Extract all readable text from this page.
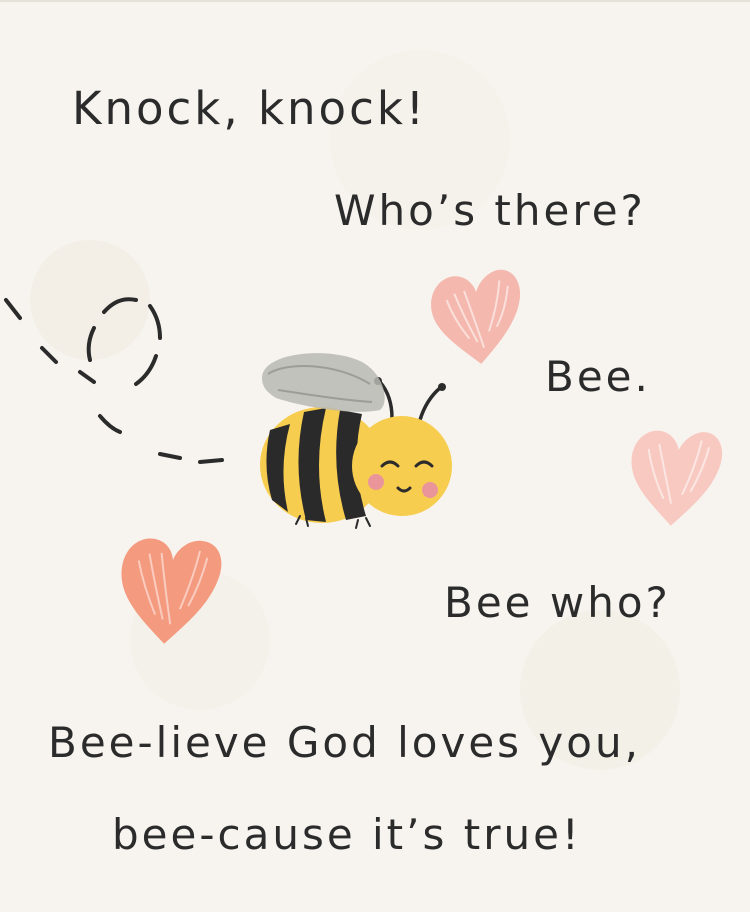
Knock, knock!

Who’s there?

Bee.

Bee who?

Bee-lieve God loves you,

bee-cause it’s true!
